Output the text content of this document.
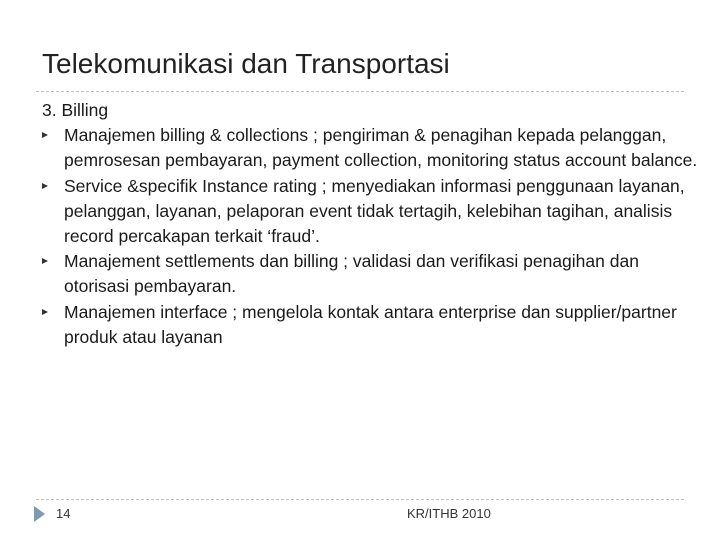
Telekomunikasi dan Transportasi

3. Billing

Manajemen billing & collections ; pengiriman & penagihan kepada pelanggan, pemrosesan pembayaran, payment collection, monitoring status account balance.
Service &specifik Instance rating ; menyediakan informasi penggunaan layanan, pelanggan, layanan, pelaporan event tidak tertagih, kelebihan tagihan, analisis record percakapan terkait ‘fraud’.
Manajement settlements dan billing ; validasi dan verifikasi penagihan dan otorisasi pembayaran.
Manajemen interface ; mengelola kontak antara enterprise dan supplier/partner produk atau layanan
14	KR/ITHB 2010
